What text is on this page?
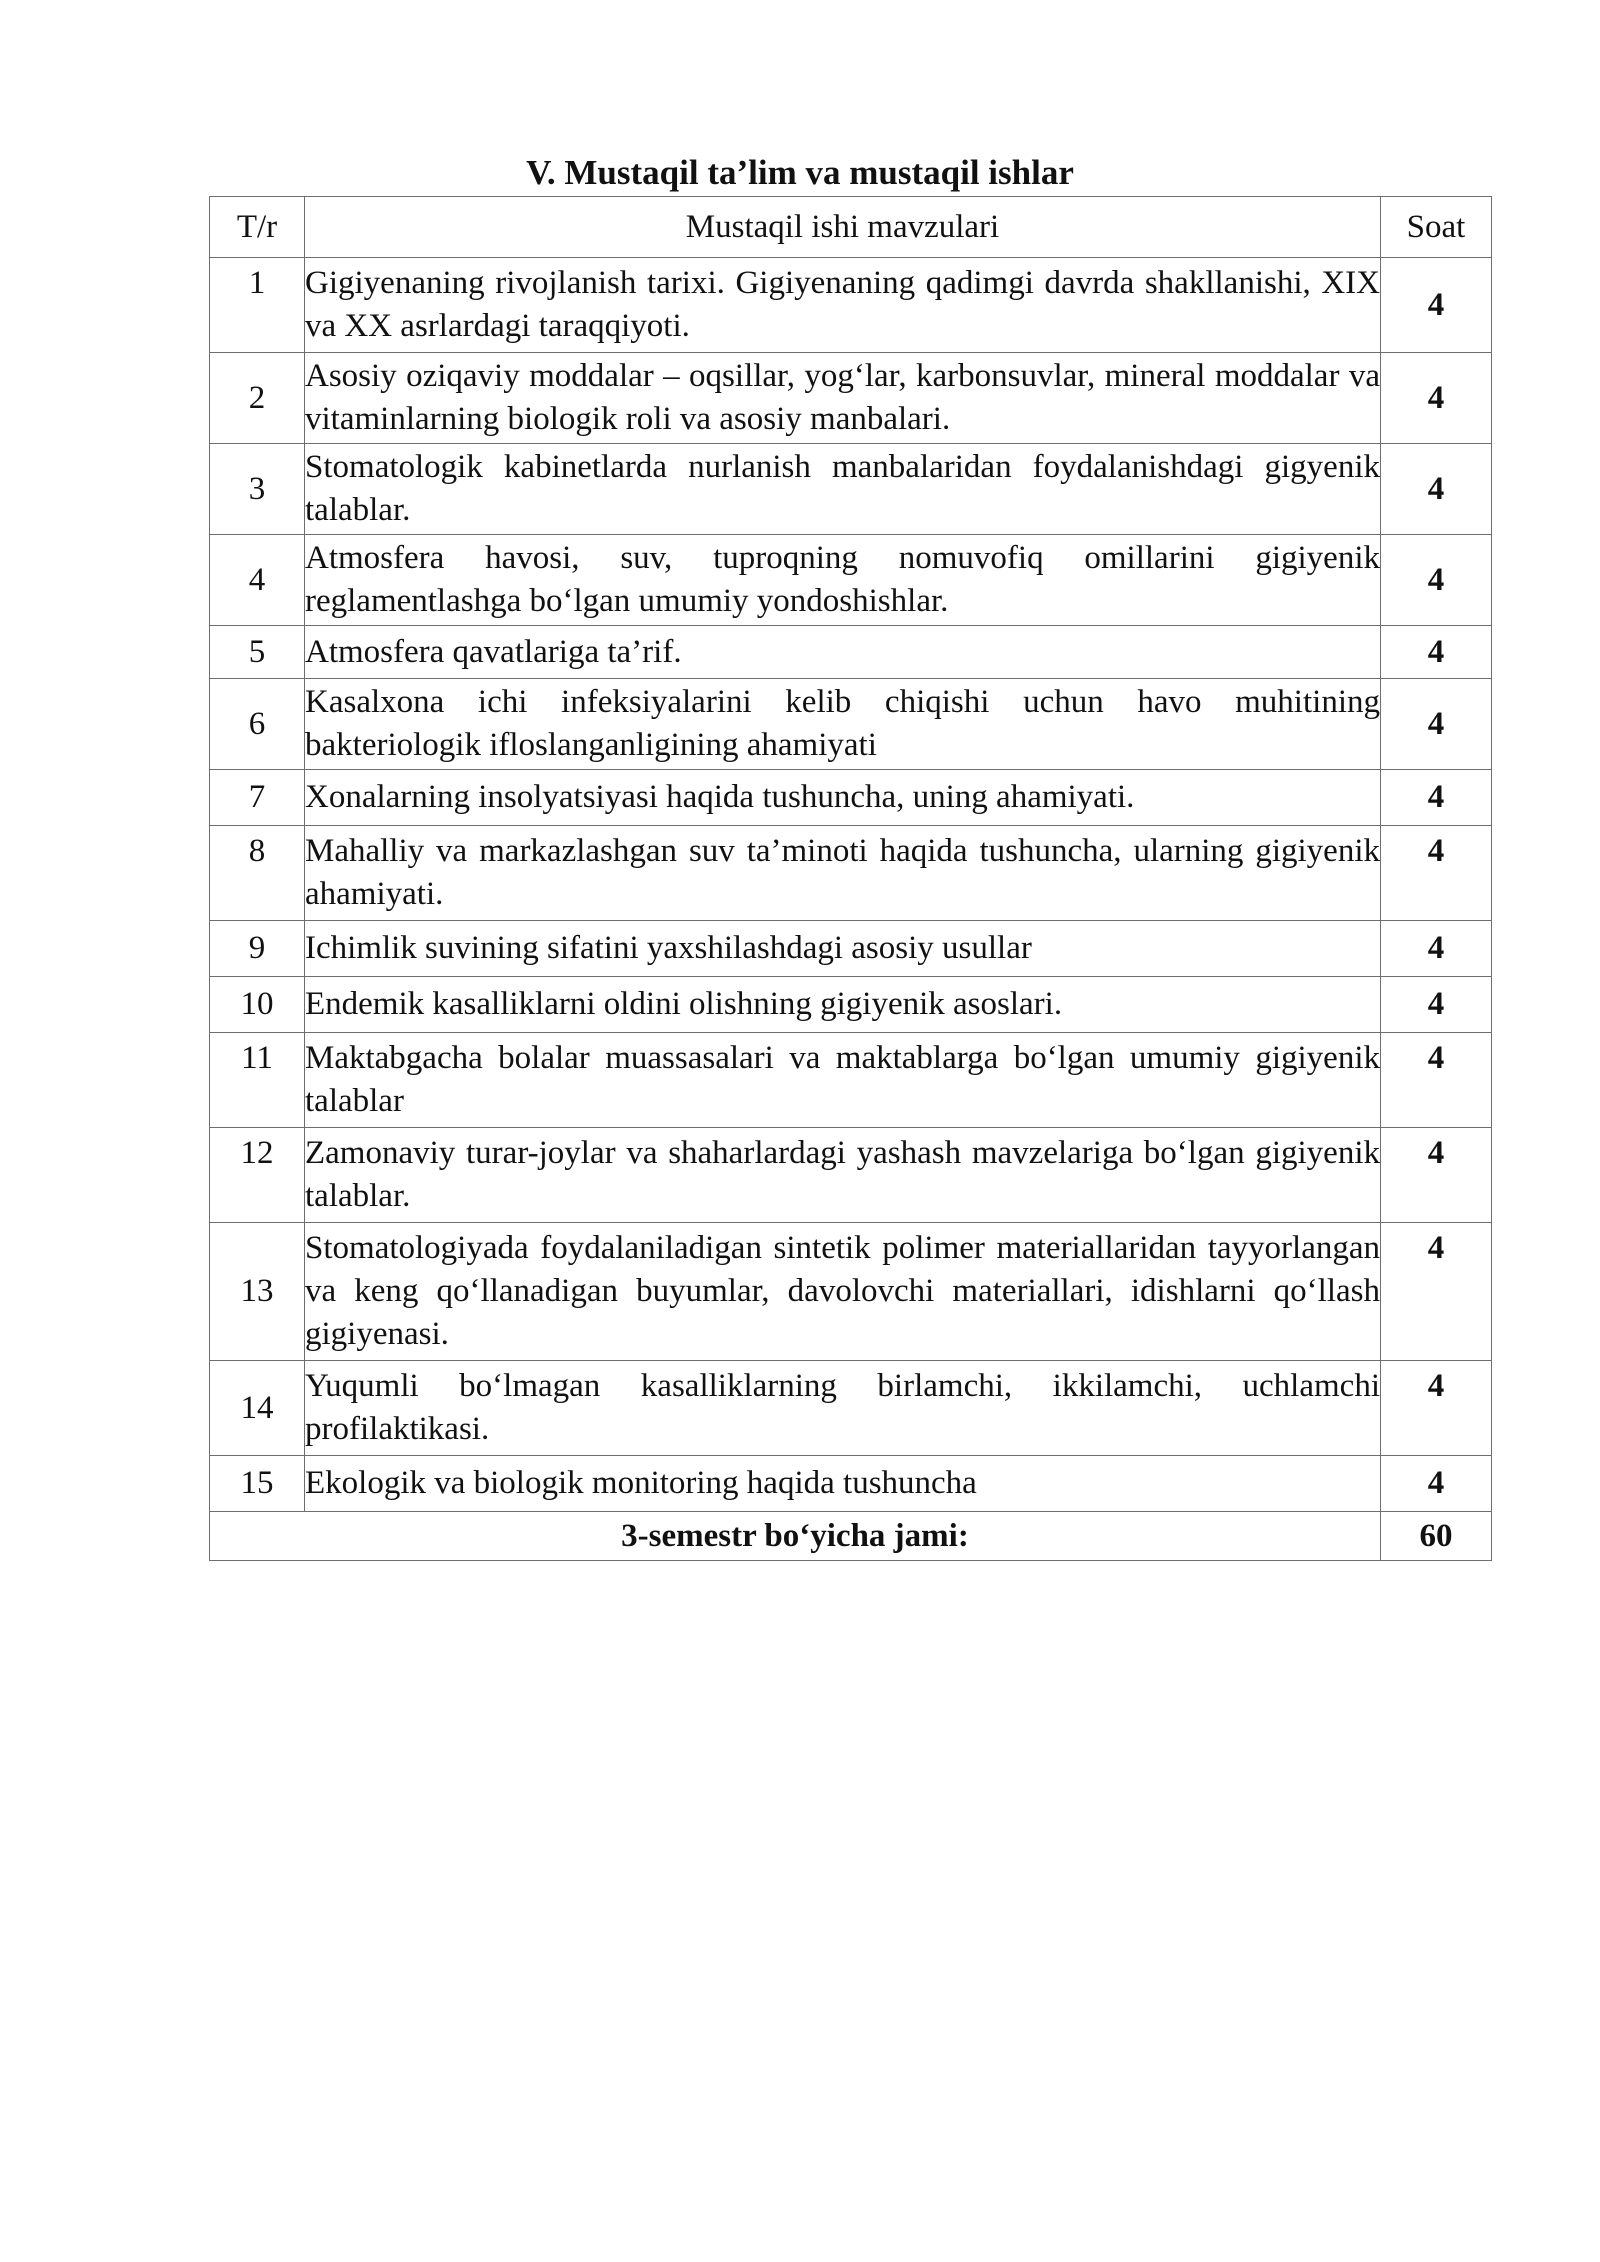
V. Mustaqil ta’lim va mustaqil ishlar
T/r	Mustaqil ishi mavzulari	Soat
1	Gigiyenaning rivojlanish tarixi. Gigiyenaning qadimgi davrda shakllanishi, XIX va XX asrlardagi taraqqiyoti.	4
2	Asosiy oziqaviy moddalar – oqsillar, yog‘lar, karbonsuvlar, mineral moddalar va vitaminlarning biologik roli va asosiy manbalari.	4
3	Stomatologik kabinetlarda nurlanish manbalaridan foydalanishdagi gigyenik talablar.	4
4	Atmosfera havosi, suv, tuproqning nomuvofiq omillarini gigiyenik reglamentlashga bo‘lgan umumiy yondoshishlar.	4
5	Atmosfera qavatlariga ta’rif.	4
6	Kasalxona ichi infeksiyalarini kelib chiqishi uchun havo muhitining bakteriologik ifloslanganligining ahamiyati	4
7	Xonalarning insolyatsiyasi haqida tushuncha, uning ahamiyati.	4
8	Mahalliy va markazlashgan suv ta’minoti haqida tushuncha, ularning gigiyenik ahamiyati.	4
9	Ichimlik suvining sifatini yaxshilashdagi asosiy usullar	4
10	Endemik kasalliklarni oldini olishning gigiyenik asoslari.	4
11	Maktabgacha bolalar muassasalari va maktablarga bo‘lgan umumiy gigiyenik talablar	4
12	Zamonaviy turar-joylar va shaharlardagi yashash mavzelariga bo‘lgan gigiyenik talablar.	4
13	Stomatologiyada foydalaniladigan sintetik polimer materiallaridan tayyorlangan va keng qo‘llanadigan buyumlar, davolovchi materiallari, idishlarni qo‘llash gigiyenasi.	4
14	Yuqumli bo‘lmagan kasalliklarning birlamchi, ikkilamchi, uchlamchi profilaktikasi.	4
15	Ekologik va biologik monitoring haqida tushuncha	4
3-semestr bo‘yicha jami:		60
